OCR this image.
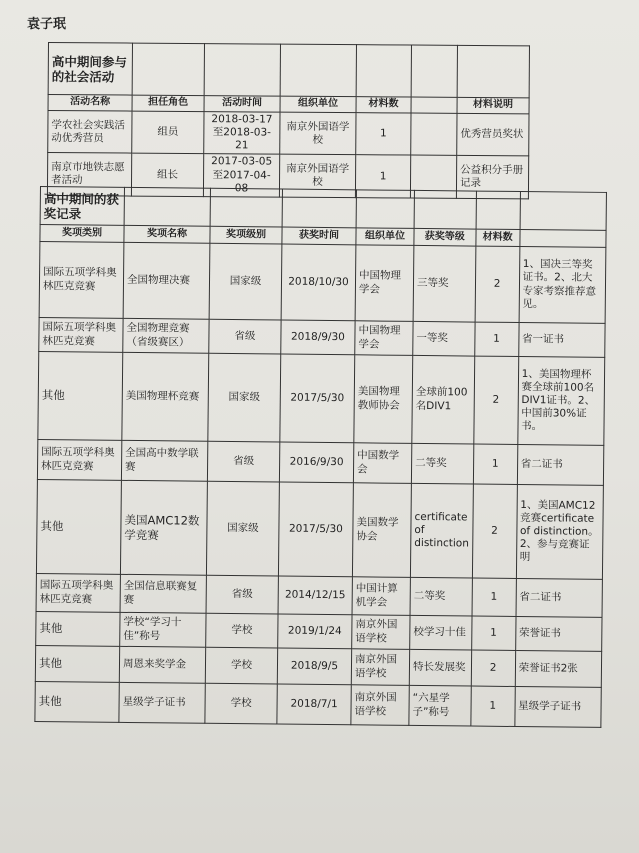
袁子珉
高中期间参与的社会活动						
活动名称	担任角色	活动时间	组织单位	材料数		材料说明
学农社会实践活动优秀营员	组员	2018-03-17至2018-03-21	南京外国语学校	1		优秀营员奖状
南京市地铁志愿者活动	组长	2017-03-05至2017-04-08	南京外国语学校	1		公益积分手册记录
高中期间的获奖记录							
奖项类别	奖项名称	奖项级别	获奖时间	组织单位	获奖等级	材料数	
国际五项学科奥林匹克竞赛	全国物理决赛	国家级	2018/10/30	中国物理学会	三等奖	2	1、国决三等奖证书。2、北大专家考察推荐意见。
国际五项学科奥林匹克竞赛	全国物理竞赛（省级赛区）	省级	2018/9/30	中国物理学会	一等奖	1	省一证书
其他	美国物理杯竞赛	国家级	2017/5/30	美国物理教师协会	全球前100名DIV1	2	1、美国物理杯赛全球前100名DIV1证书。2、中国前30%证书。
国际五项学科奥林匹克竞赛	全国高中数学联赛	省级	2016/9/30	中国数学会	二等奖	1	省二证书
其他	美国AMC12数学竞赛	国家级	2017/5/30	美国数学协会	certificate of distinction	2	1、美国AMC12竞赛certificate of distinction。2、参与竞赛证明
国际五项学科奥林匹克竞赛	全国信息联赛复赛	省级	2014/12/15	中国计算机学会	二等奖	1	省二证书
其他	学校“学习十佳”称号	学校	2019/1/24	南京外国语学校	校学习十佳	1	荣誉证书
其他	周恩来奖学金	学校	2018/9/5	南京外国语学校	特长发展奖	2	荣誉证书2张
其他	星级学子证书	学校	2018/7/1	南京外国语学校	“六星学子”称号	1	星级学子证书
